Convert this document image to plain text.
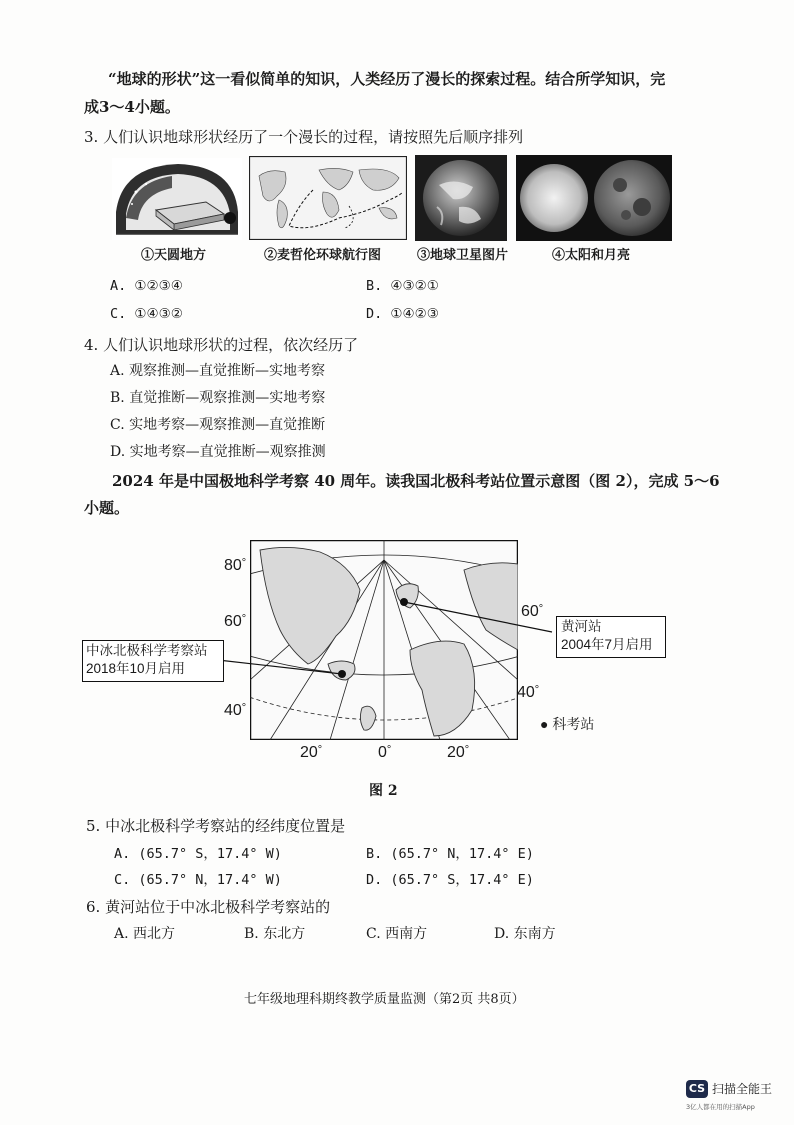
“地球的形状”这一看似简单的知识，人类经历了漫长的探索过程。结合所学知识，完
成3～4小题。
3. 人们认识地球形状经历了一个漫长的过程，请按照先后顺序排列
①天圆地方	②麦哲伦环球航行图	③地球卫星图片	④太阳和月亮
A. ①②③④	B. ④③②①
C. ①④③②	D. ①④②③
4. 人们认识地球形状的过程，依次经历了
A. 观察推测—直觉推断—实地考察
B. 直觉推断—观察推测—实地考察
C. 实地考察—观察推测—直觉推断
D. 实地考察—直觉推断—观察推测
2024 年是中国极地科学考察 40 周年。读我国北极科考站位置示意图（图 2），完成 5～6
小题。
80°
60°
40°
60°
40°
20°	0°	20°
中冰北极科学考察站
2018年10月启用
黄河站
2004年7月启用
● 科考站
图 2
5. 中冰北极科学考察站的经纬度位置是
A. (65.7° S，17.4° W)	B. (65.7° N，17.4° E)
C. (65.7° N，17.4° W)	D. (65.7° S，17.4° E)
6. 黄河站位于中冰北极科学考察站的
A. 西北方	B. 东北方	C. 西南方	D. 东南方
七年级地理科期终教学质量监测（第2页 共8页）
CS 扫描全能王
3亿人都在用的扫描App
